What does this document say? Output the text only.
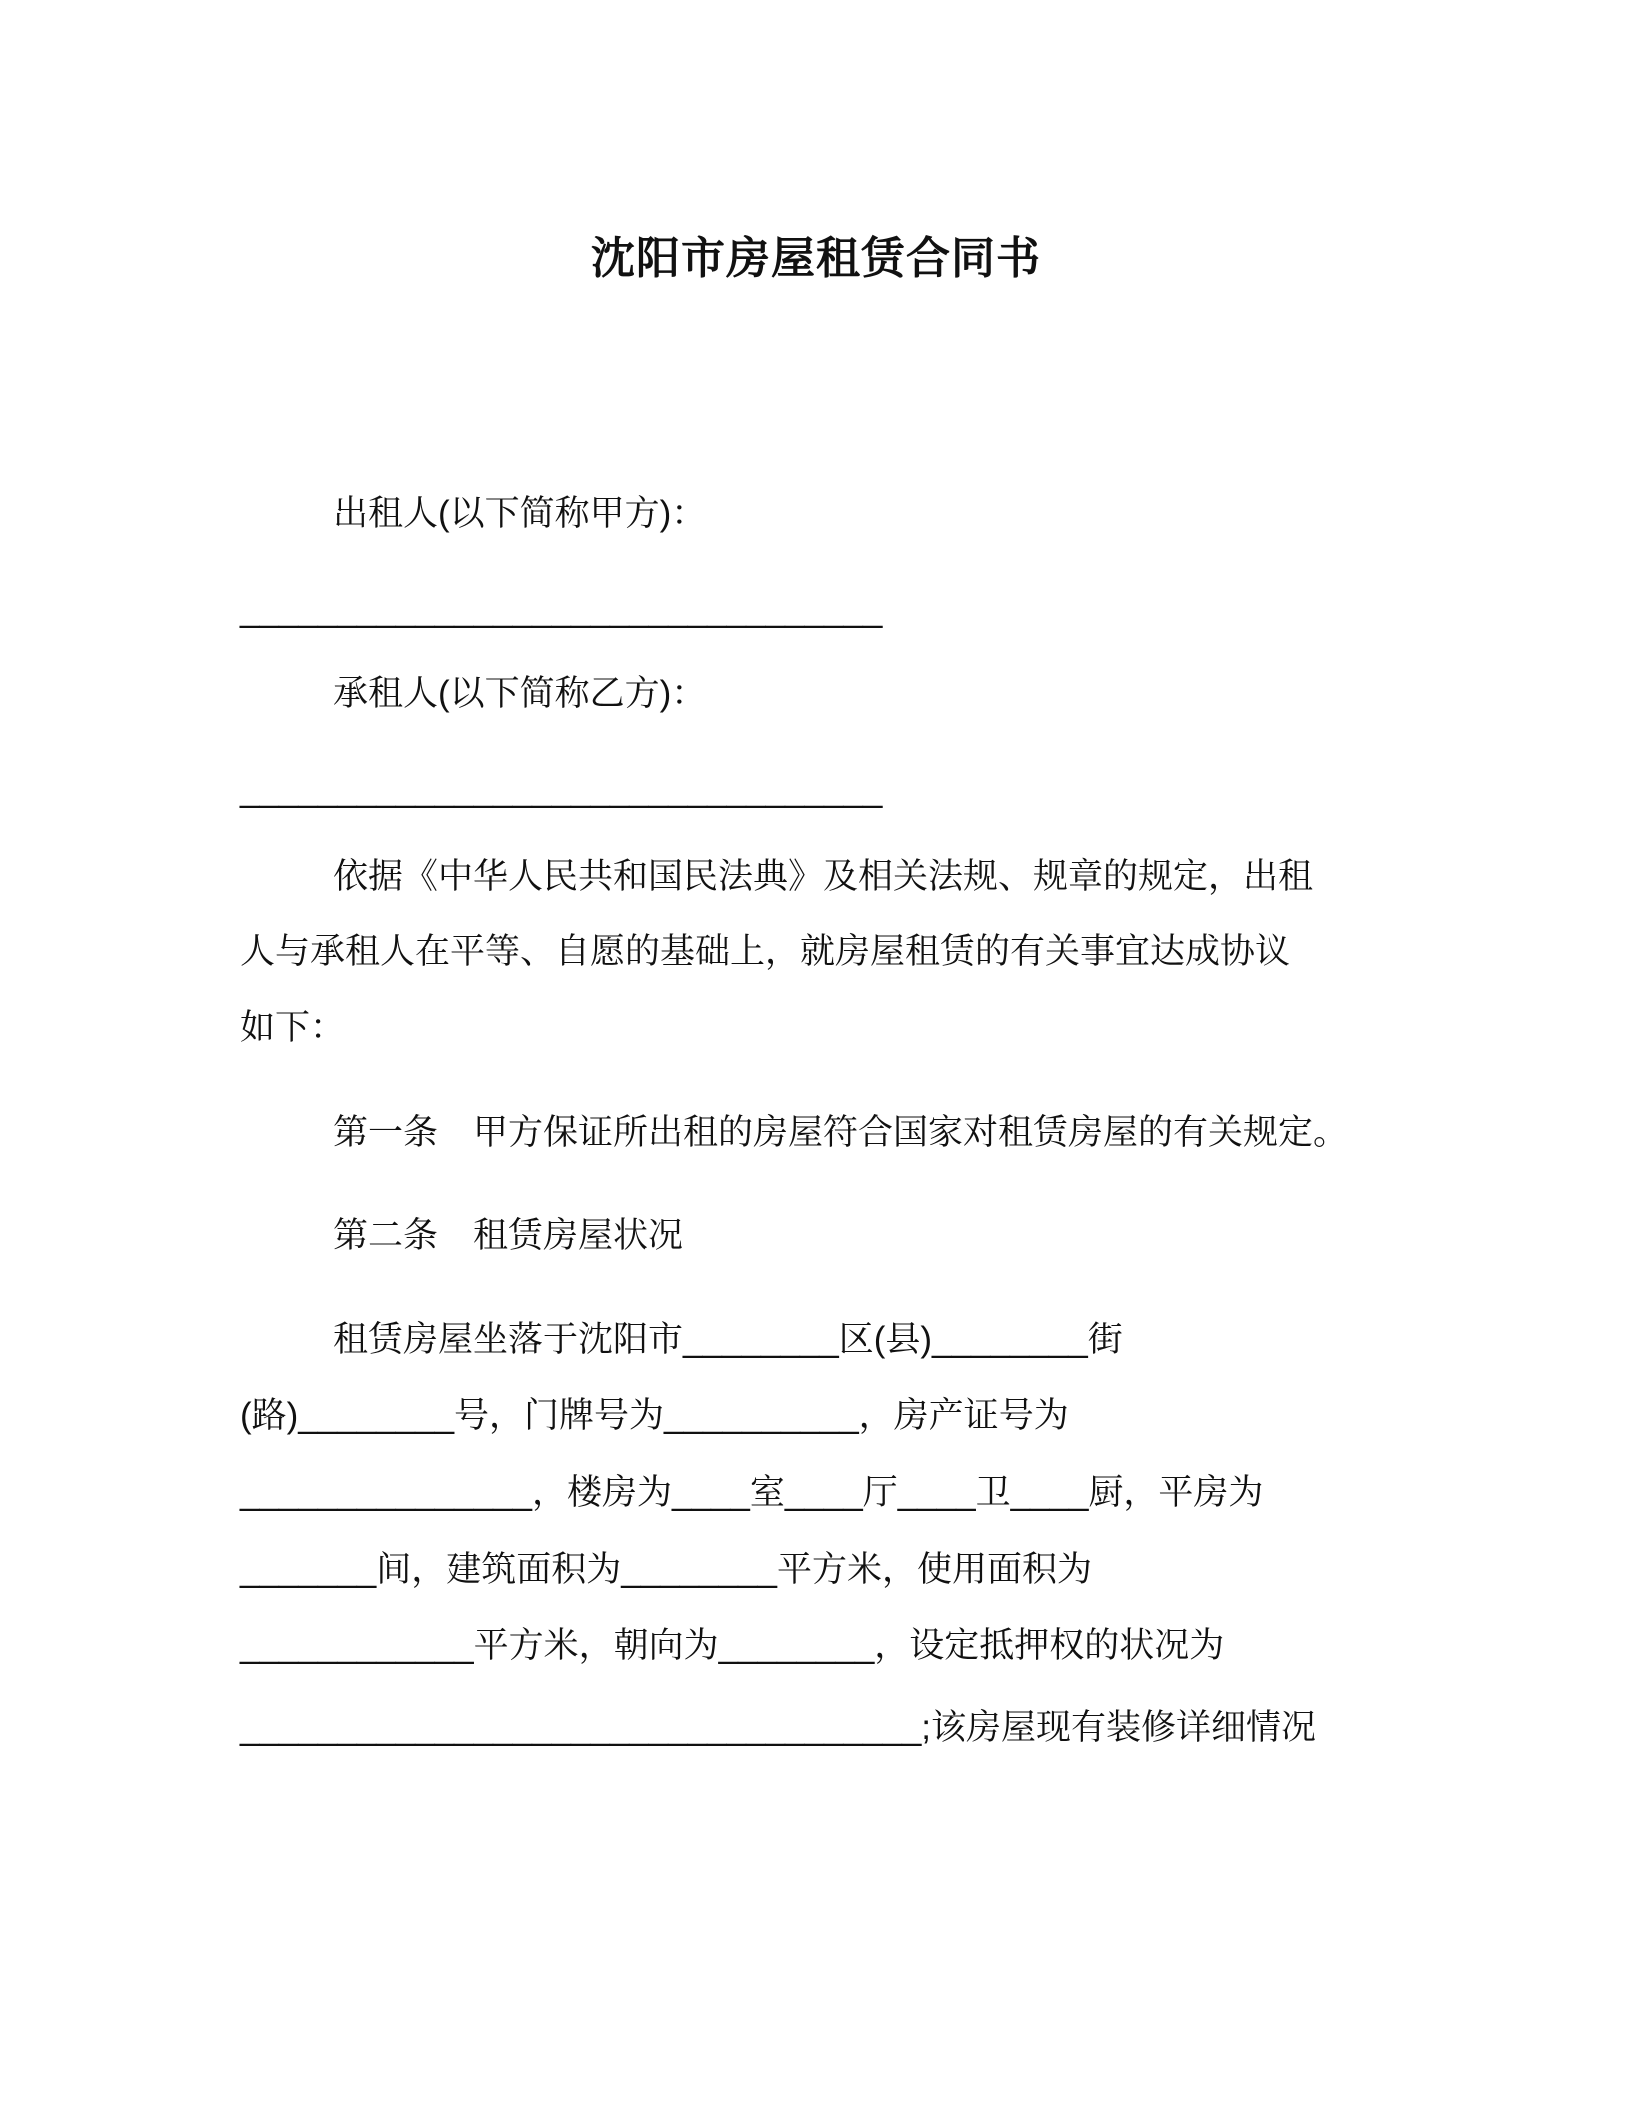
沈阳市房屋租赁合同书
出租人(以下简称甲方)：
_________________________________
承租人(以下简称乙方)：
_________________________________
依据《中华人民共和国民法典》及相关法规、规章的规定，出租
人与承租人在平等、自愿的基础上，就房屋租赁的有关事宜达成协议
如下：
第一条　甲方保证所出租的房屋符合国家对租赁房屋的有关规定。
第二条　租赁房屋状况
租赁房屋坐落于沈阳市________区(县)________街
(路)________号，门牌号为__________，房产证号为
_______________，楼房为____室____厅____卫____厨，平房为
_______间，建筑面积为________平方米，使用面积为
____________平方米，朝向为________，设定抵押权的状况为
___________________________________;该房屋现有装修详细情况
